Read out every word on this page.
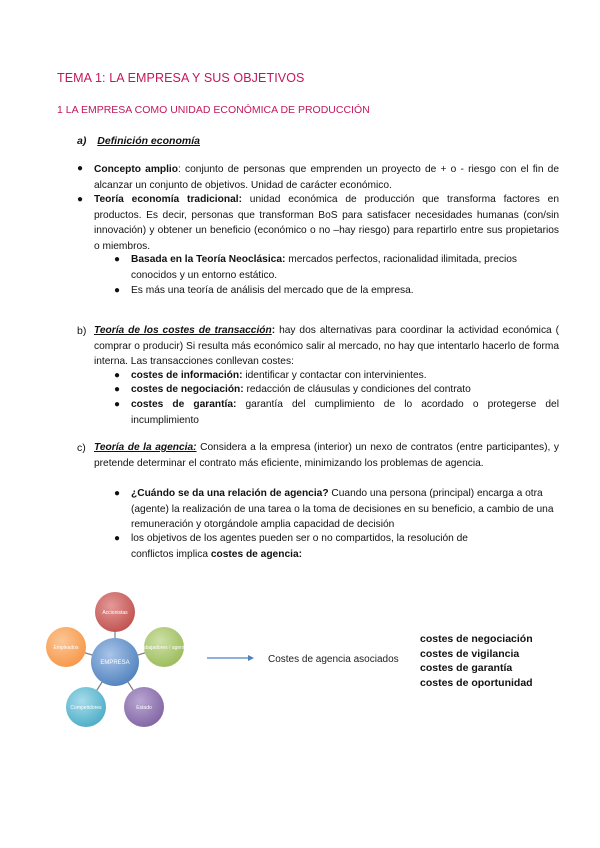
TEMA 1: LA EMPRESA Y SUS OBJETIVOS
1 LA EMPRESA COMO UNIDAD ECONÓMICA DE PRODUCCIÓN
a) Definición economía
● Concepto amplio: conjunto de personas que emprenden un proyecto de + o - riesgo con el fin de alcanzar un conjunto de objetivos. Unidad de carácter económico.
● Teoría economía tradicional: unidad económica de producción que transforma factores en productos. Es decir, personas que transforman BoS para satisfacer necesidades humanas (con/sin innovación) y obtener un beneficio (económico o no –hay riesgo) para repartirlo entre sus propietarios o miembros.
● Basada en la Teoría Neoclásica: mercados perfectos, racionalidad ilimitada, precios conocidos y un entorno estático.
● Es más una teoría de análisis del mercado que de la empresa.
b) Teoría de los costes de transacción: hay dos alternativas para coordinar la actividad económica ( comprar o producir) Si resulta más económico salir al mercado, no hay que intentarlo hacerlo de forma interna. Las transacciones conllevan costes:
● costes de información: identificar y contactar con intervinientes.
● costes de negociación: redacción de cláusulas y condiciones del contrato
● costes de garantía: garantía del cumplimiento de lo acordado o protegerse del incumplimiento
c) Teoría de la agencia: Considera a la empresa (interior) un nexo de contratos (entre participantes), y pretende determinar el contrato más eficiente, minimizando los problemas de agencia.
● ¿Cuándo se da una relación de agencia? Cuando una persona (principal) encarga a otra (agente) la realización de una tarea o la toma de decisiones en su beneficio, a cambio de una remuneración y otorgándole amplia capacidad de decisión
● los objetivos de los agentes pueden ser o no compartidos, la resolución de conflictos implica costes de agencia:
EMPRESA
Accionistas
Trabajadores / agentes
Estado
Competidores
Empleados
Costes de agencia asociados
costes de negociación
costes de vigilancia
costes de garantía
costes de oportunidad
